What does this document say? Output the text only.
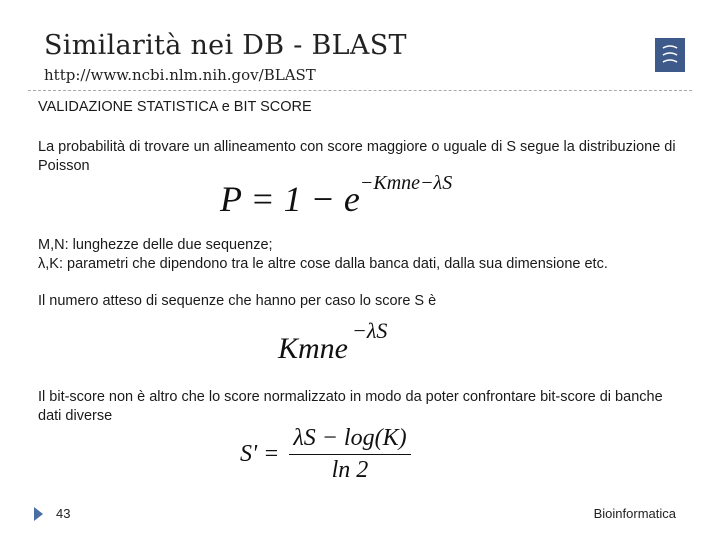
Similarità nei DB - BLAST
http://www.ncbi.nlm.nih.gov/BLAST
VALIDAZIONE STATISTICA e BIT SCORE
La probabilità di trovare un allineamento con score maggiore o uguale di S segue la distribuzione di Poisson
P = 1 − e−Kmne−λS
M,N: lunghezze delle due sequenze;
λ,K: parametri che dipendono tra le altre cose dalla banca dati, dalla sua dimensione etc.
Il numero atteso di sequenze che hanno per caso lo score S è
Kmne−λS
Il bit-score non è altro che lo score normalizzato in modo da poter confrontare bit-score di banche dati diverse
$S' = \frac{\lambda S - \log(K)}{\ln 2}$
43	Bioinformatica
